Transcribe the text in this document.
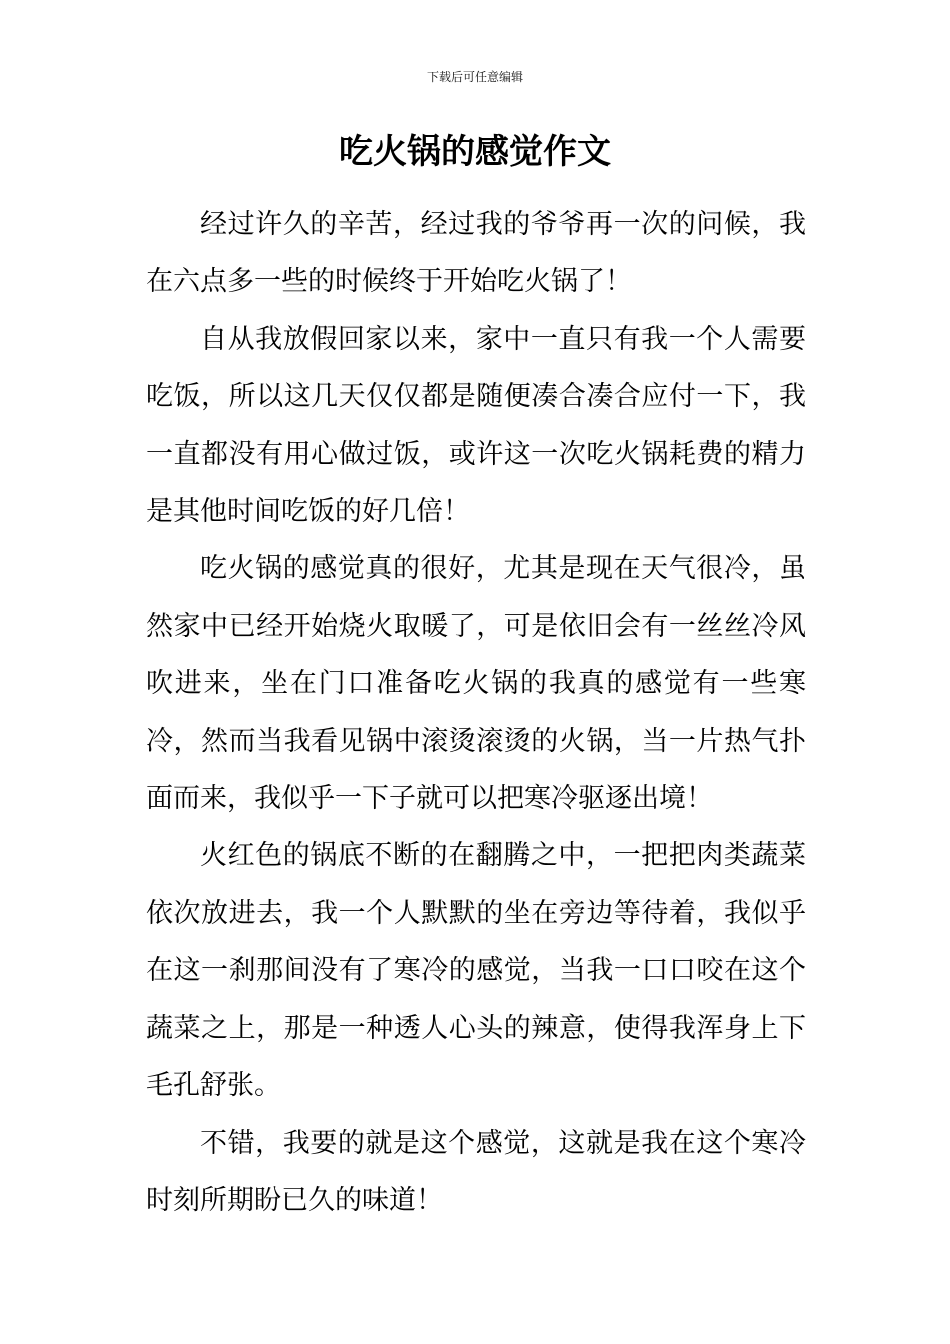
下载后可任意编辑
吃火锅的感觉作文

经过许久的辛苦，经过我的爷爷再一次的问候，我在六点多一些的时候终于开始吃火锅了！

自从我放假回家以来，家中一直只有我一个人需要吃饭，所以这几天仅仅都是随便凑合凑合应付一下，我一直都没有用心做过饭，或许这一次吃火锅耗费的精力是其他时间吃饭的好几倍！

吃火锅的感觉真的很好，尤其是现在天气很冷，虽然家中已经开始烧火取暖了，可是依旧会有一丝丝冷风吹进来，坐在门口准备吃火锅的我真的感觉有一些寒冷，然而当我看见锅中滚烫滚烫的火锅，当一片热气扑面而来，我似乎一下子就可以把寒冷驱逐出境！

火红色的锅底不断的在翻腾之中，一把把肉类蔬菜依次放进去，我一个人默默的坐在旁边等待着，我似乎在这一刹那间没有了寒冷的感觉，当我一口口咬在这个蔬菜之上，那是一种透人心头的辣意，使得我浑身上下毛孔舒张。

不错，我要的就是这个感觉，这就是我在这个寒冷时刻所期盼已久的味道！
